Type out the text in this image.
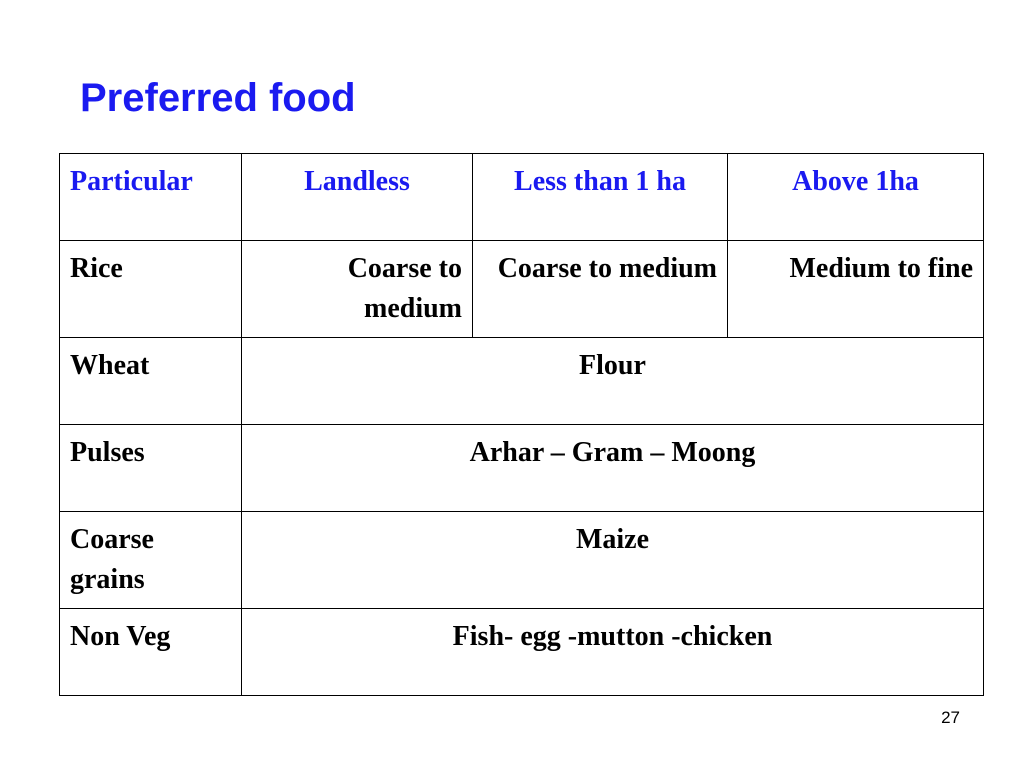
Preferred food
Particular	Landless	Less than 1 ha	Above 1ha
Rice	Coarse to medium	Coarse to medium	Medium to fine
Wheat	Flour		
Pulses	Arhar – Gram – Moong		
Coarse grains	Maize		
Non Veg	Fish- egg -mutton -chicken		
27
